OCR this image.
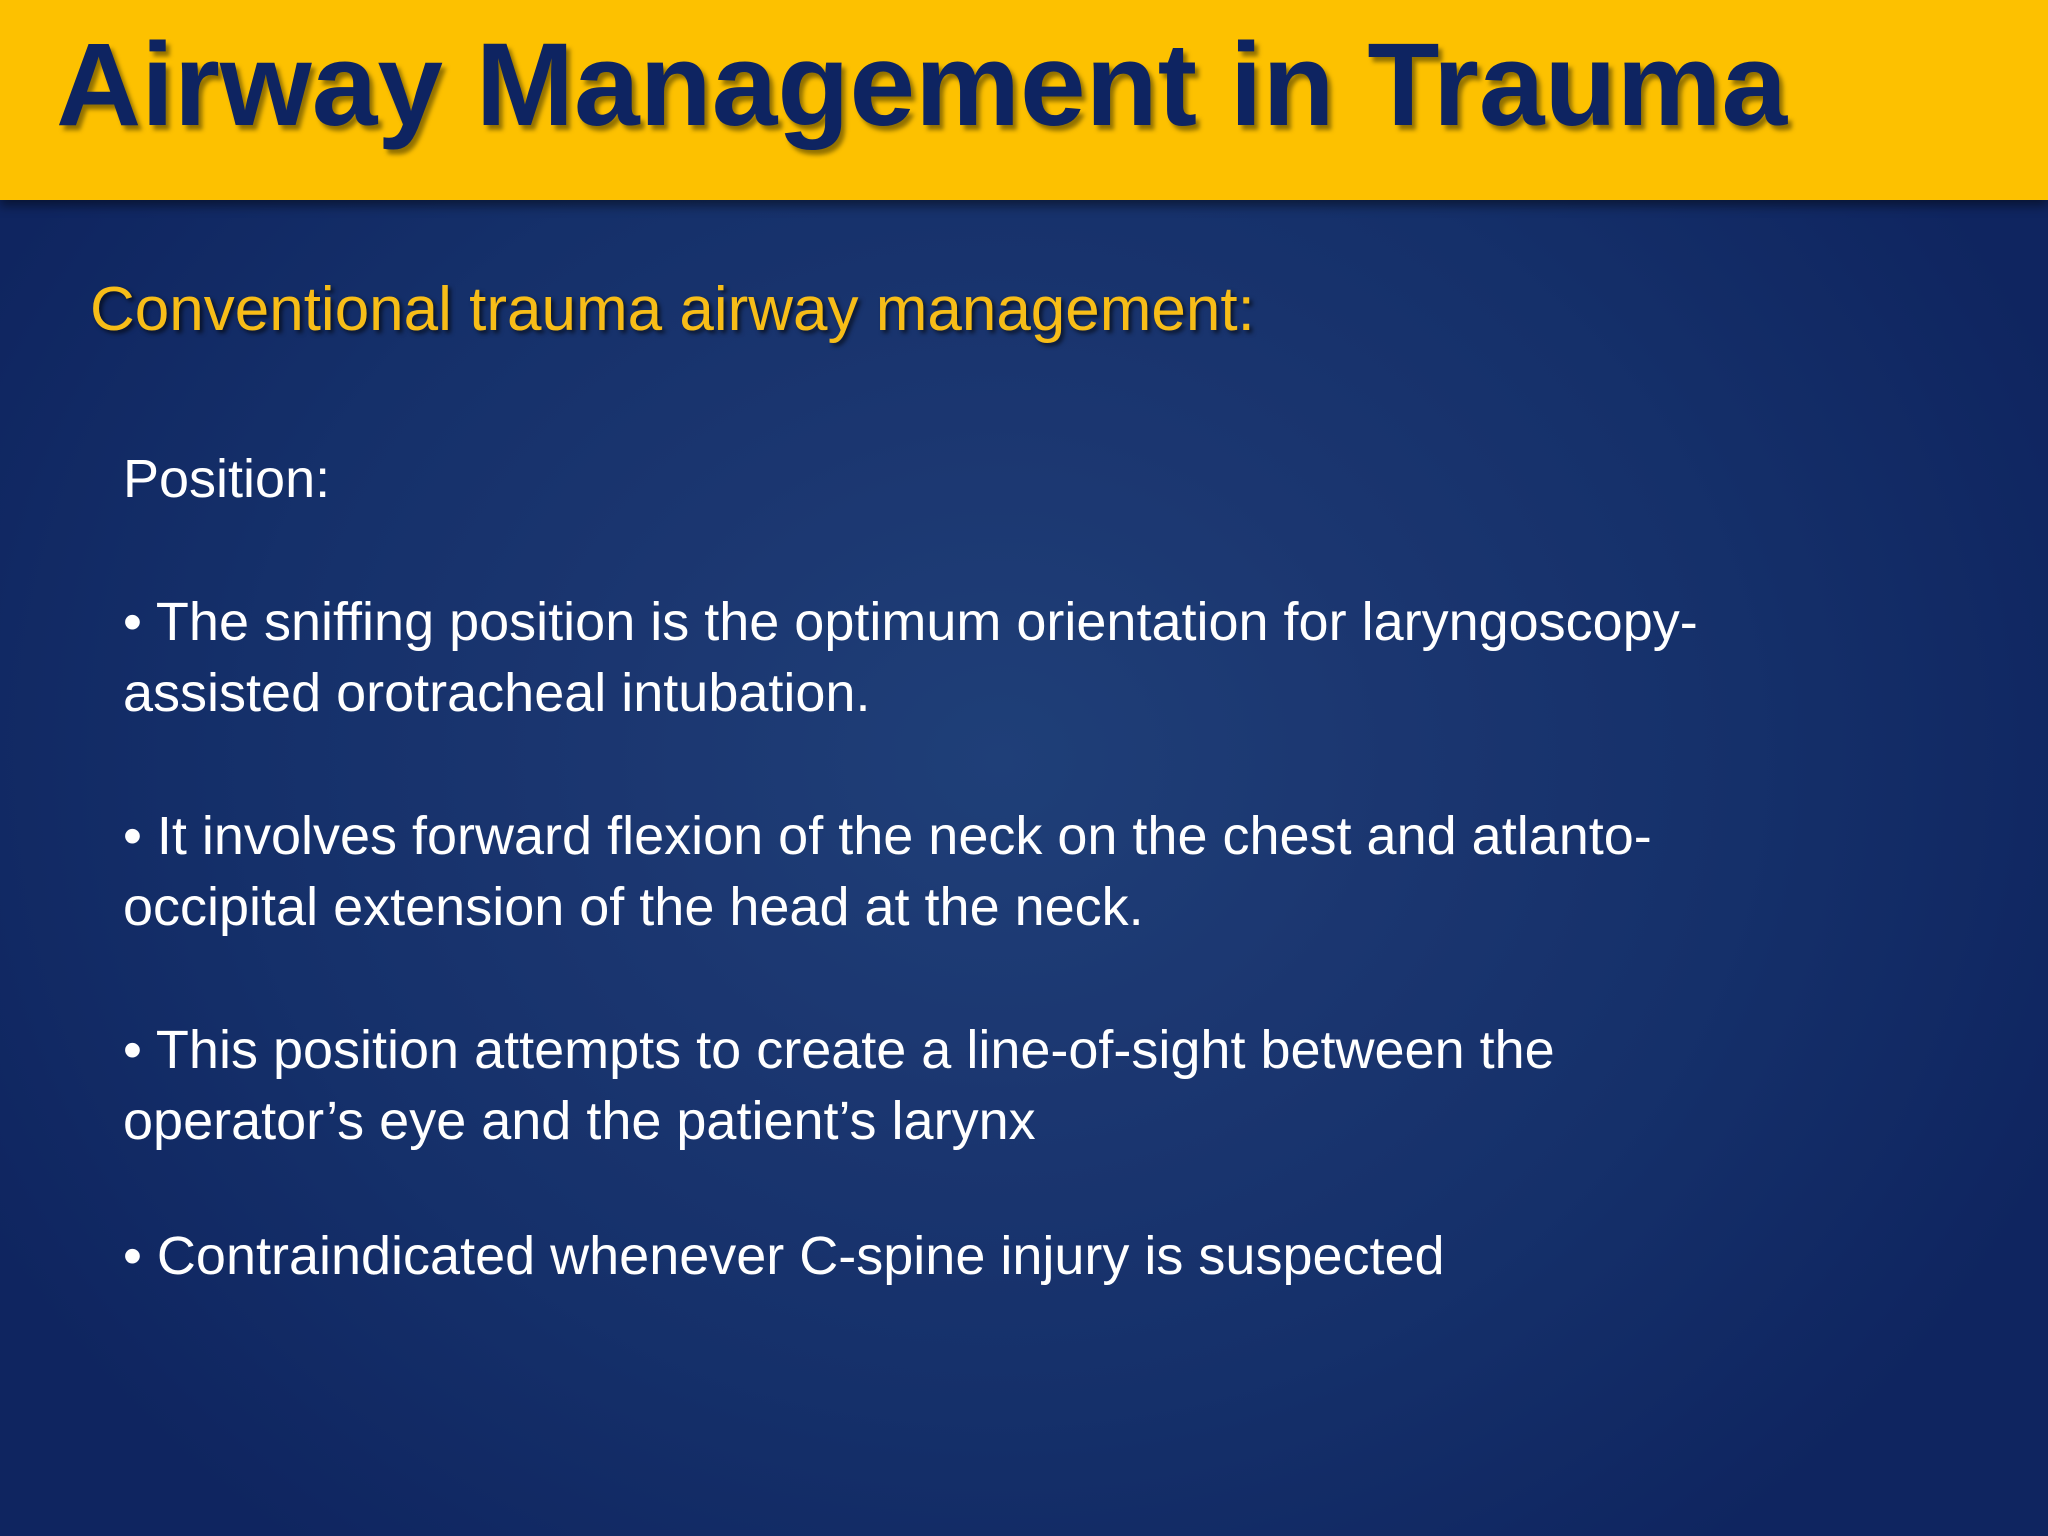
Airway Management in Trauma
Conventional trauma airway management:

Position:

• The sniffing position is the optimum orientation for laryngoscopy-
assisted orotracheal intubation.

• It involves forward flexion of the neck on the chest and atlanto-
occipital extension of the head at the neck.

• This position attempts to create a line-of-sight between the
operator’s eye and the patient’s larynx

• Contraindicated whenever C-spine injury is suspected
